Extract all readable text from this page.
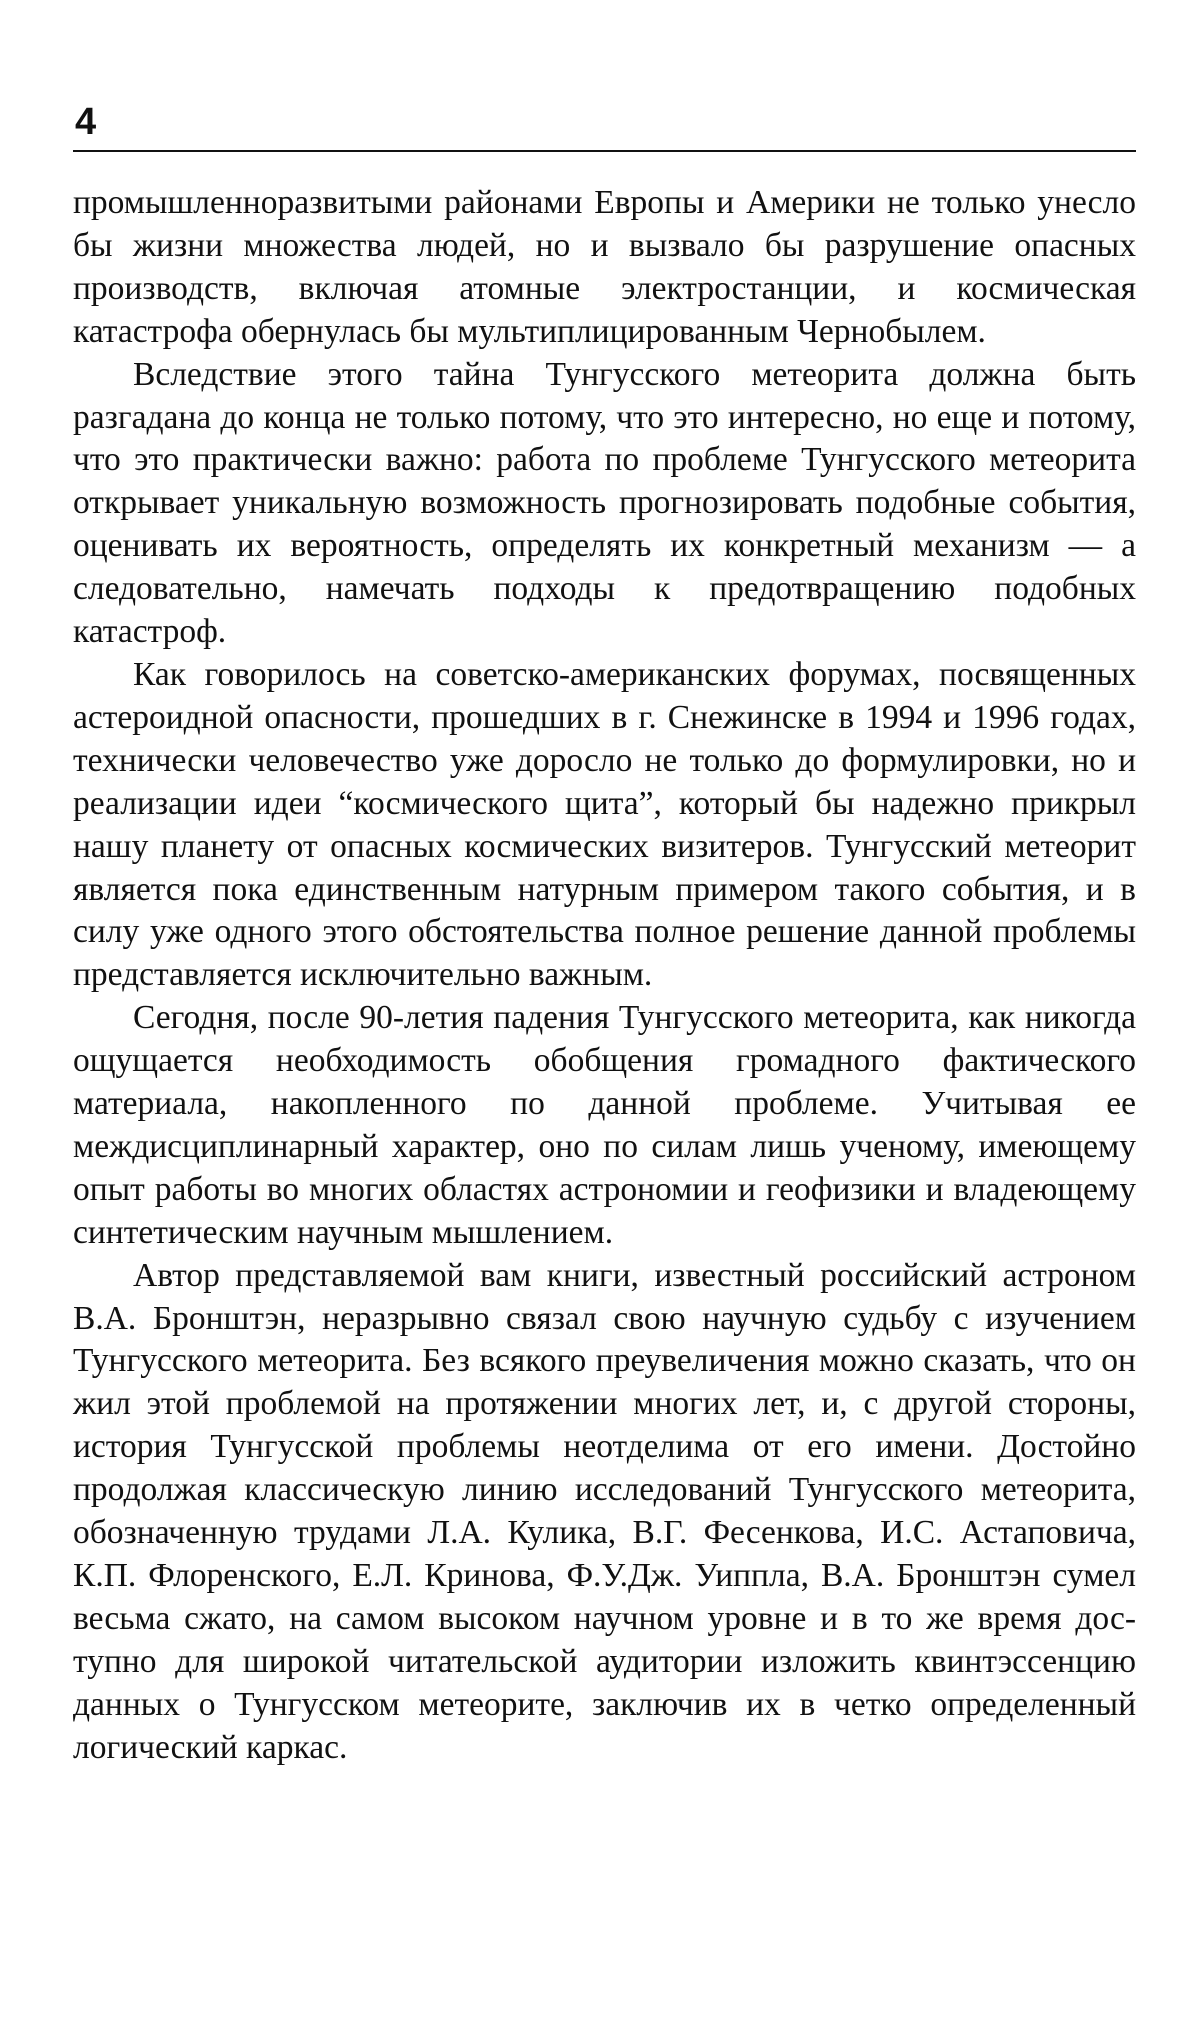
4

промышленноразвитыми районами Европы и Америки не только унесло бы жизни множества людей, но и вызвало бы разрушение опасных производств, включая атомные электростанции, и космическая катастрофа обернулась бы мультиплицированным Чернобылем.

Вследствие этого тайна Тунгусского метеорита должна быть разгадана до конца не только потому, что это интересно, но еще и потому, что это практически важно: работа по проблеме Тунгусского метеорита открывает уникальную возможность прогнозировать подобные события, оценивать их вероятность, определять их конкретный механизм — а следовательно, намечать подходы к предотвращению подобных катастроф.

Как говорилось на советско-американских форумах, посвященных астероидной опасности, прошедших в г. Снежинске в 1994 и 1996 годах, технически человечество уже доросло не только до формулировки, но и реализации идеи “космического щита”, который бы надежно прикрыл нашу планету от опасных космических визитеров. Тунгусский метеорит является пока единственным натурным примером такого события, и в силу уже одного этого обстоятельства полное решение данной проблемы представляется исключительно важным.

Сегодня, после 90-летия падения Тунгусского метеорита, как никогда ощущается необходимость обобщения громадного фактического материала, накопленного по данной проблеме. Учитывая ее междисциплинарный характер, оно по силам лишь ученому, имеющему опыт работы во многих областях астрономии и геофизики и владеющему синтетическим научным мышлением.

Автор представляемой вам книги, известный российский астроном В.А. Бронштэн, неразрывно связал свою научную судьбу с изучением Тунгусского метеорита. Без всякого преувеличения можно сказать, что он жил этой проблемой на протяжении многих лет, и, с другой стороны, история Тунгусской проблемы неотделима от его имени. Достойно продолжая классическую линию исследований Тунгусского метеорита, обозначенную трудами Л.А. Кулика, В.Г. Фесенкова, И.С. Астаповича, К.П. Флоренского, Е.Л. Кринова, Ф.У.Дж. Уиппла, В.А. Бронштэн сумел весьма сжато, на самом высоком научном уровне и в то же время доступно для широкой читательской аудитории изложить квинтэссенцию данных о Тунгусском метеорите, заключив их в четко определенный логический каркас.
